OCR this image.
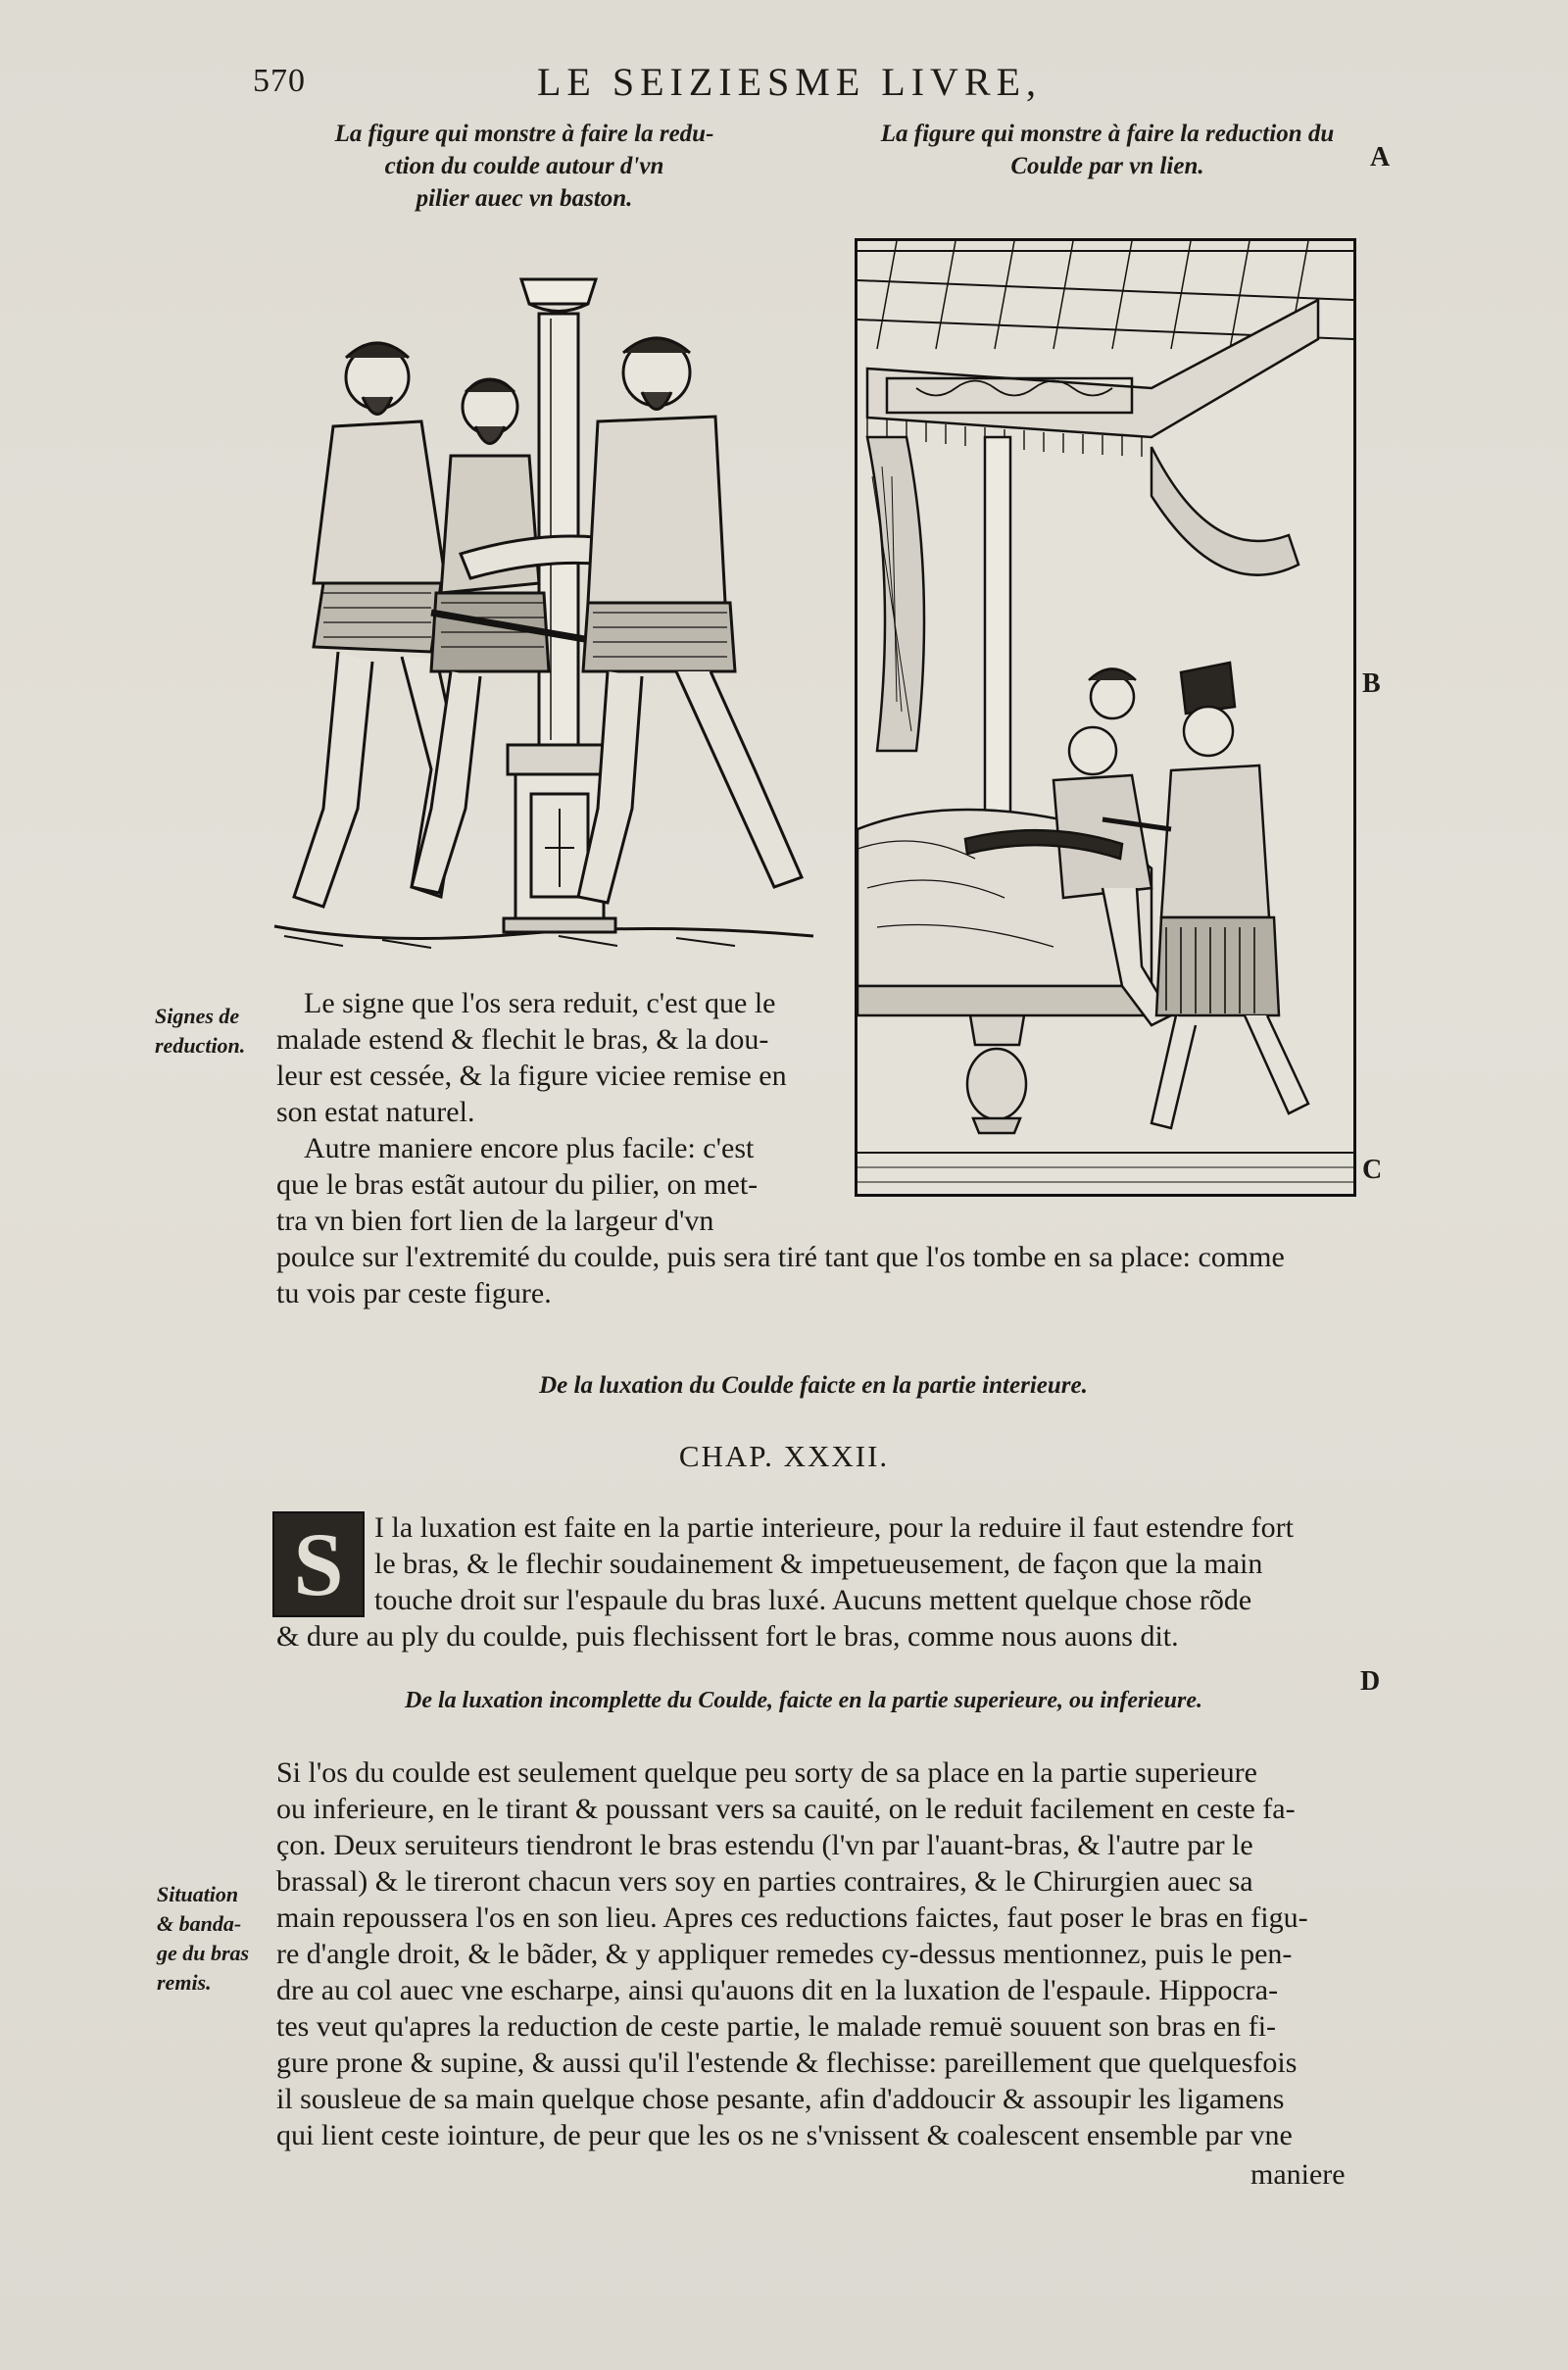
570	LE SEIZIESME LIVRE,
La figure qui monstre à faire la redu-
ction du coulde autour d'vn
pilier auec vn baston.
La figure qui monstre à faire la reduction du
Coulde par vn lien.	A
B
C
D
Signes de
reduction.
Le signe que l'os sera reduit, c'est que le
malade estend & flechit le bras, & la dou-
leur est cessée, & la figure viciee remise en
son estat naturel.
Autre maniere encore plus facile: c'est
que le bras estãt autour du pilier, on met-
tra vn bien fort lien de la largeur d'vn
poulce sur l'extremité du coulde, puis sera tiré tant que l'os tombe en sa place: comme
tu vois par ceste figure.
De la luxation du Coulde faicte en la partie interieure.
CHAP. XXXII.
S	I la luxation est faite en la partie interieure, pour la reduire il faut estendre fort
le bras, & le flechir soudainement & impetueusement, de façon que la main
touche droit sur l'espaule du bras luxé. Aucuns mettent quelque chose rõde
& dure au ply du coulde, puis flechissent fort le bras, comme nous auons dit.
De la luxation incomplette du Coulde, faicte en la partie superieure, ou inferieure.
Situation
& banda-
ge du bras
remis.
Si l'os du coulde est seulement quelque peu sorty de sa place en la partie superieure
ou inferieure, en le tirant & poussant vers sa cauité, on le reduit facilement en ceste fa-
çon. Deux seruiteurs tiendront le bras estendu (l'vn par l'auant-bras, & l'autre par le
brassal) & le tireront chacun vers soy en parties contraires, & le Chirurgien auec sa
main repoussera l'os en son lieu. Apres ces reductions faictes, faut poser le bras en figu-
re d'angle droit, & le bãder, & y appliquer remedes cy-dessus mentionnez, puis le pen-
dre au col auec vne escharpe, ainsi qu'auons dit en la luxation de l'espaule. Hippocra-
tes veut qu'apres la reduction de ceste partie, le malade remuë souuent son bras en fi-
gure prone & supine, & aussi qu'il l'estende & flechisse: pareillement que quelquesfois
il sousleue de sa main quelque chose pesante, afin d'addoucir & assoupir les ligamens
qui lient ceste iointure, de peur que les os ne s'vnissent & coalescent ensemble par vne
maniere
